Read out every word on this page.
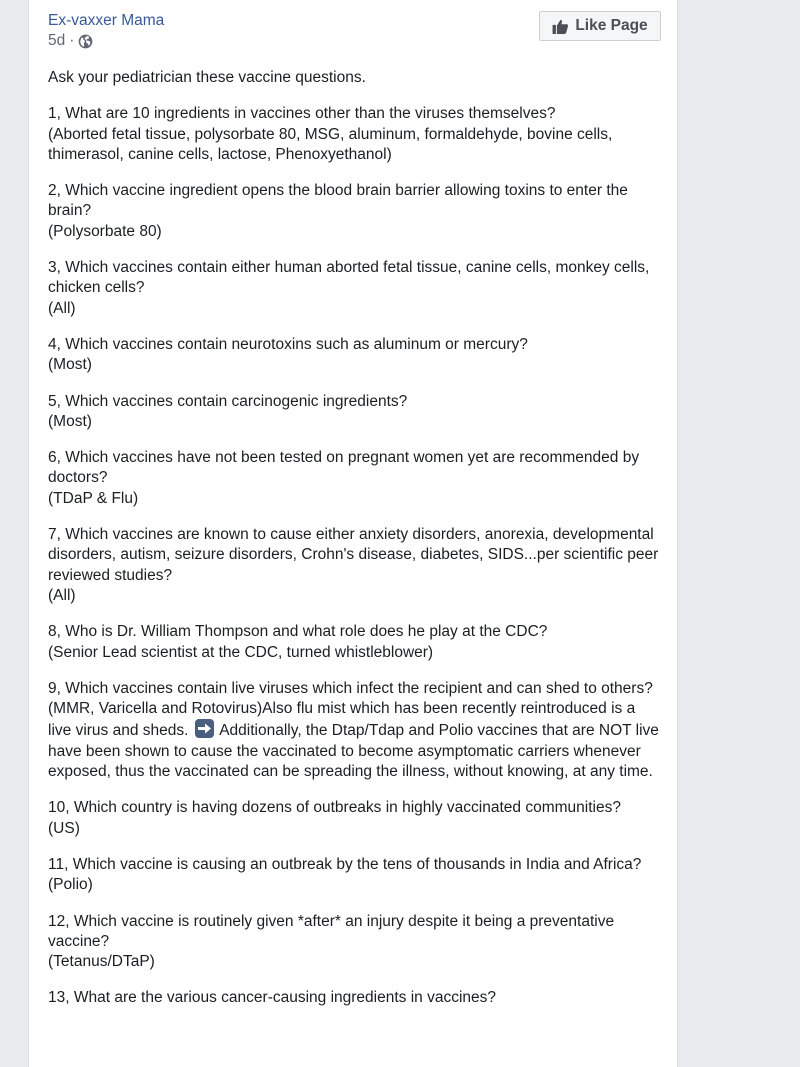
Ex-vaxxer Mama
5d ·
Like Page

Ask your pediatrician these vaccine questions.

1, What are 10 ingredients in vaccines other than the viruses themselves?

(Aborted fetal tissue, polysorbate 80, MSG, aluminum, formaldehyde, bovine cells, thimerasol, canine cells, lactose, Phenoxyethanol)

2, Which vaccine ingredient opens the blood brain barrier allowing toxins to enter the brain?

(Polysorbate 80)

3, Which vaccines contain either human aborted fetal tissue, canine cells, monkey cells, chicken cells?

(All)

4, Which vaccines contain neurotoxins such as aluminum or mercury?

(Most)

5, Which vaccines contain carcinogenic ingredients?

(Most)

6, Which vaccines have not been tested on pregnant women yet are recommended by doctors?

(TDaP & Flu)

7, Which vaccines are known to cause either anxiety disorders, anorexia, developmental disorders, autism, seizure disorders, Crohn's disease, diabetes, SIDS...per scientific peer reviewed studies?

(All)

8, Who is Dr. William Thompson and what role does he play at the CDC?

(Senior Lead scientist at the CDC, turned whistleblower)

9, Which vaccines contain live viruses which infect the recipient and can shed to others?

(MMR, Varicella and Rotovirus)Also flu mist which has been recently reintroduced is a live virus and sheds. Additionally, the Dtap/Tdap and Polio vaccines that are NOT live have been shown to cause the vaccinated to become asymptomatic carriers whenever exposed, thus the vaccinated can be spreading the illness, without knowing, at any time.

10, Which country is having dozens of outbreaks in highly vaccinated communities?

(US)

11, Which vaccine is causing an outbreak by the tens of thousands in India and Africa?

(Polio)

12, Which vaccine is routinely given *after* an injury despite it being a preventative vaccine?

(Tetanus/DTaP)

13, What are the various cancer-causing ingredients in vaccines?
